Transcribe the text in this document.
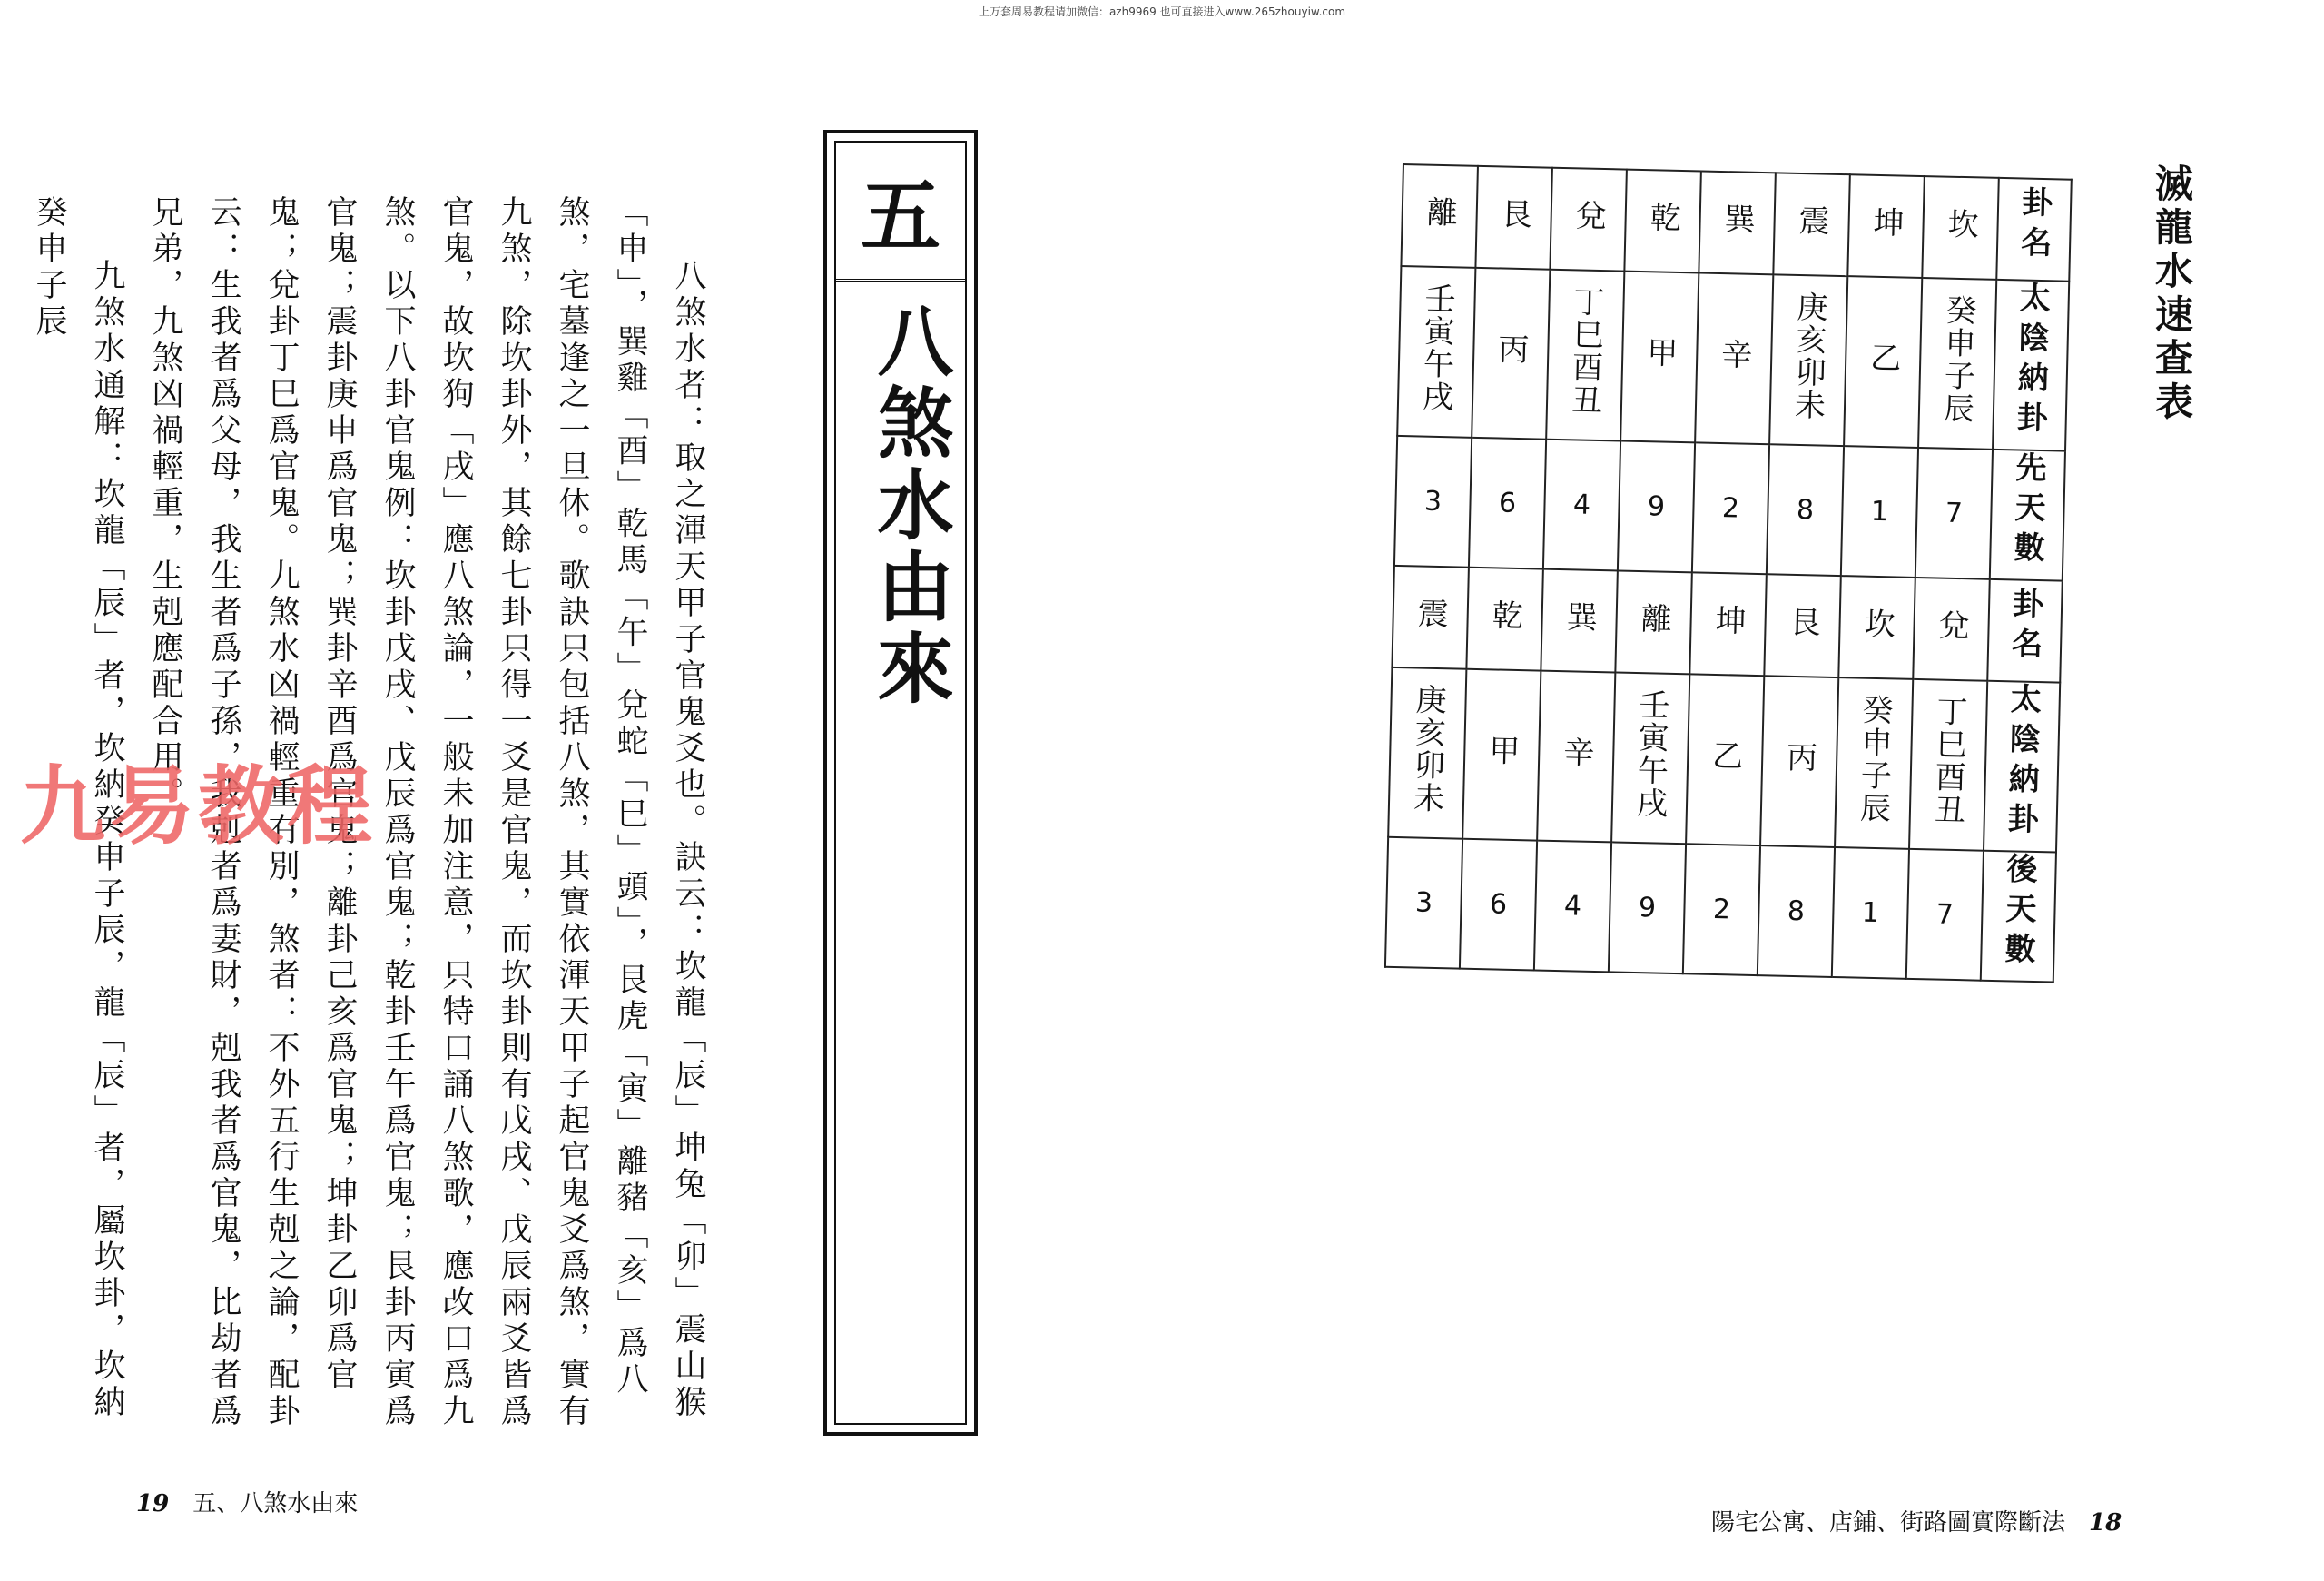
上万套周易教程请加微信：azh9969 也可直接进入www.265zhouyiw.com

八煞水者：取之渾天甲子官鬼爻也。訣云：坎龍「辰」坤兔「卯」震山猴「申」，巽雞「酉」乾馬「午」兌蛇「巳」頭」，艮虎「寅」離豬「亥」爲八煞，宅墓逢之一旦休。歌訣只包括八煞，其實依渾天甲子起官鬼爻爲煞，實有九煞，除坎卦外，其餘七卦只得一爻是官鬼，而坎卦則有戊戌、戊辰兩爻皆爲官鬼，故坎狗「戌」應八煞論，一般未加注意，只特口誦八煞歌，應改口爲九煞。以下八卦官鬼例：坎卦戊戌、戊辰爲官鬼；乾卦壬午爲官鬼；艮卦丙寅爲官鬼；震卦庚申爲官鬼；巽卦辛酉爲官鬼；離卦己亥爲官鬼；坤卦乙卯爲官鬼；兌卦丁巳爲官鬼。九煞水凶禍輕重有別，煞者：不外五行生剋之論，配卦云：生我者爲父母，我生者爲子孫，我剋者爲妻財，剋我者爲官鬼，比劫者爲兄弟，九煞凶禍輕重，生剋應配合用。

九煞水通解：坎龍「辰」者，坎納癸申子辰，龍「辰」者，屬坎卦，坎納癸申子辰	五
八煞水由來
九易教程
19 五、八煞水由來
滅龍水速查表
離	艮	兌	乾	巽	震	坤	坎	卦名
壬寅午戌	丙	丁巳酉丑	甲	辛	庚亥卯未	乙	癸申子辰	太陰納卦
3	6	4	9	2	8	1	7	先天數
震	乾	巽	離	坤	艮	坎	兌	卦名
庚亥卯未	甲	辛	壬寅午戌	乙	丙	癸申子辰	丁巳酉丑	太陰納卦
3	6	4	9	2	8	1	7	後天數
陽宅公寓、店鋪、街路圖實際斷法 18
